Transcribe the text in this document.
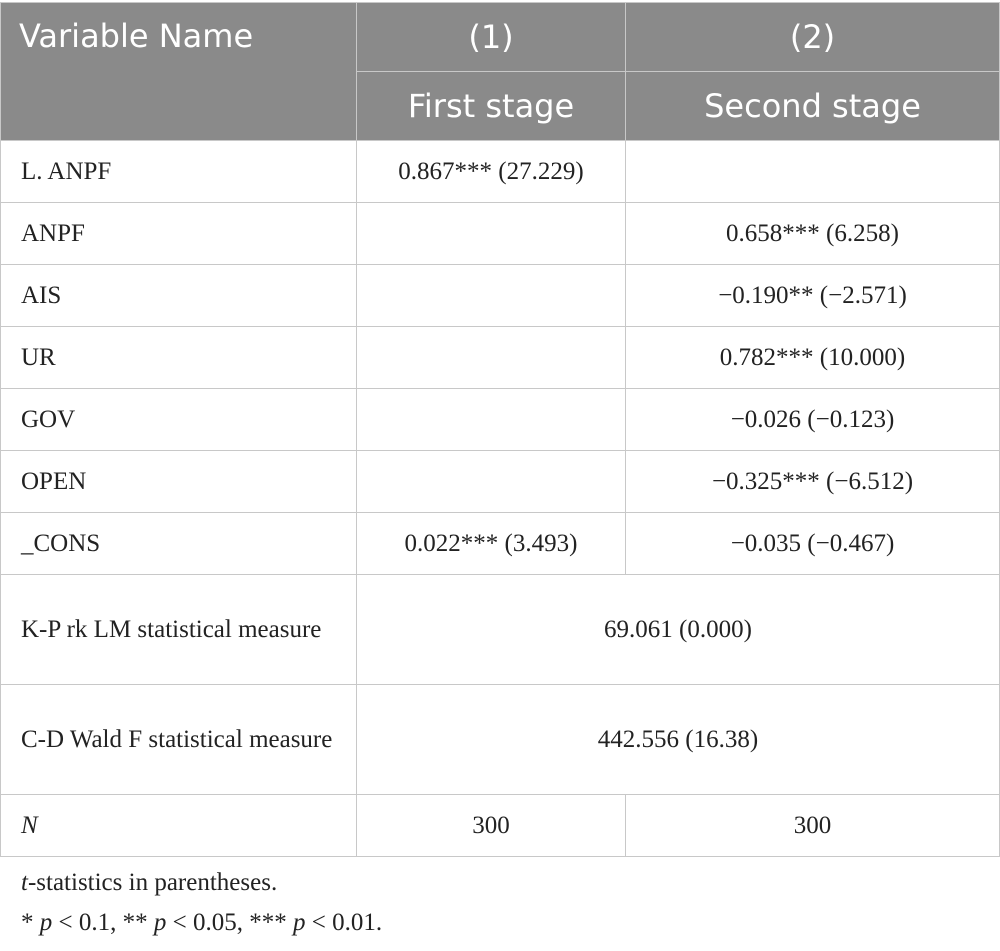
Variable Name	(1)	(2)
	First stage	Second stage
L. ANPF	0.867*** (27.229)	
ANPF		0.658*** (6.258)
AIS		−0.190** (−2.571)
UR		0.782*** (10.000)
GOV		−0.026 (−0.123)
OPEN		−0.325*** (−6.512)
_CONS	0.022*** (3.493)	−0.035 (−0.467)
K-P rk LM statistical measure	69.061 (0.000)	
C-D Wald F statistical measure	442.556 (16.38)	
N	300	300
t-statistics in parentheses.
* p < 0.1, ** p < 0.05, *** p < 0.01.
